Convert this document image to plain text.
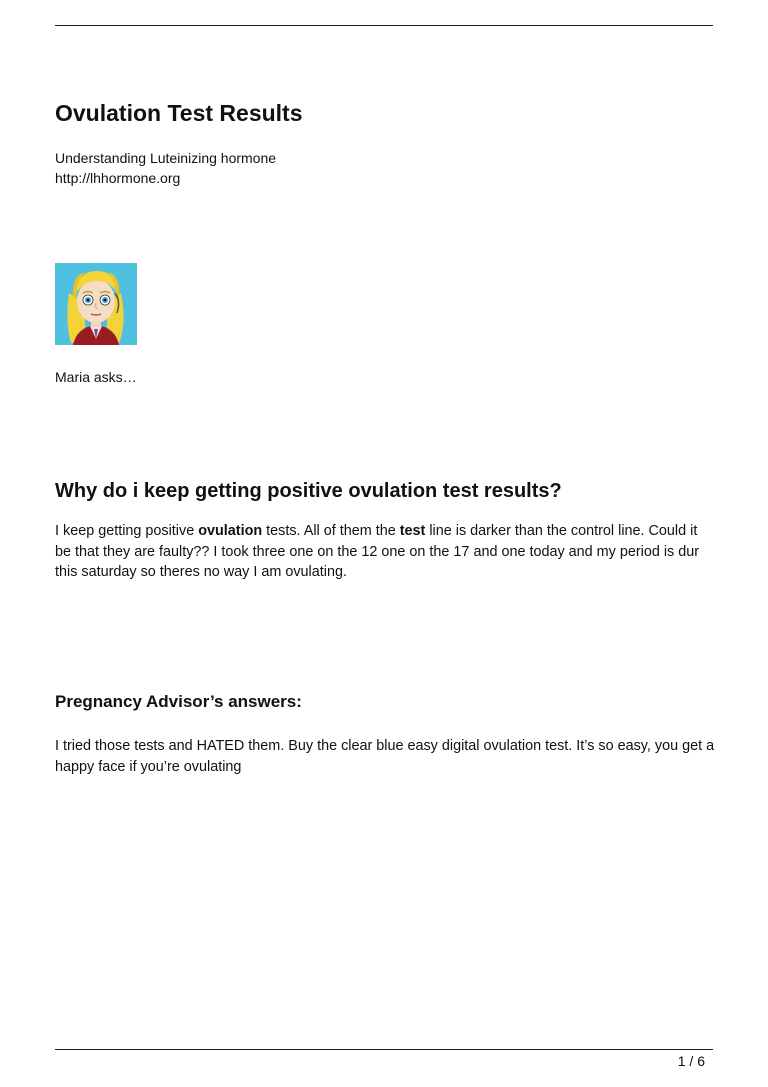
Ovulation Test Results
Understanding Luteinizing hormone
http://lhhormone.org
Maria asks…
Why do i keep getting positive ovulation test results?

I keep getting positive ovulation tests. All of them the test line is darker than the control line. Could it be that they are faulty?? I took three one on the 12 one on the 17 and one today and my period is dur this saturday so theres no way I am ovulating.

Pregnancy Advisor’s answers:

I tried those tests and HATED them. Buy the clear blue easy digital ovulation test. It’s so easy, you get a happy face if you’re ovulating

1 / 6
